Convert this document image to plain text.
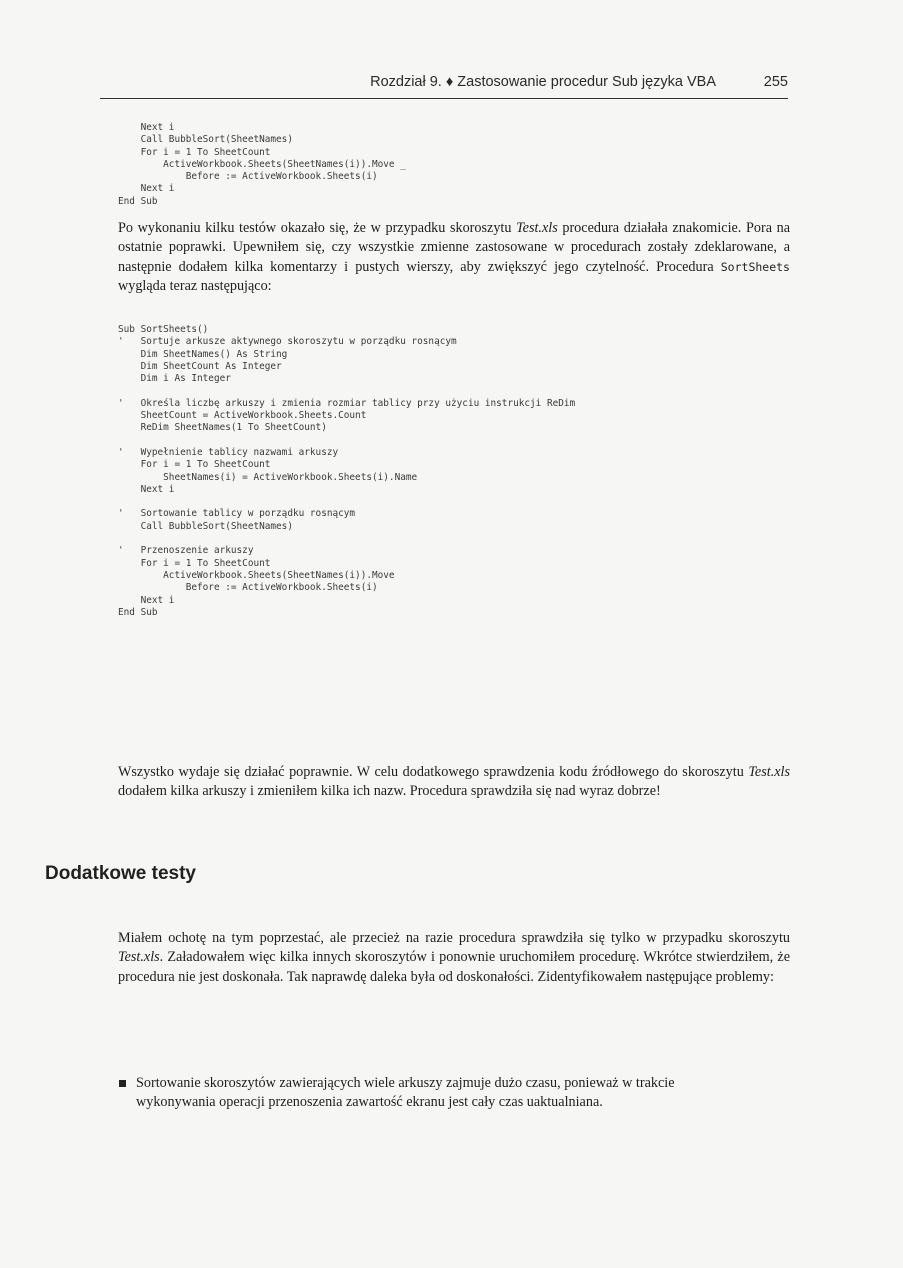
Rozdział 9. ♦ Zastosowanie procedur Sub języka VBA	255
Next i
Call BubbleSort(SheetNames)
For i = 1 To SheetCount
ActiveWorkbook.Sheets(SheetNames(i)).Move _
Before := ActiveWorkbook.Sheets(i)
Next i
End Sub

Po wykonaniu kilku testów okazało się, że w przypadku skoroszytu Test.xls procedura działała znakomicie. Pora na ostatnie poprawki. Upewniłem się, czy wszystkie zmienne zastosowane w procedurach zostały zdeklarowane, a następnie dodałem kilka komentarzy i pustych wierszy, aby zwiększyć jego czytelność. Procedura SortSheets wygląda teraz następująco:

Sub SortSheets()
'   Sortuje arkusze aktywnego skoroszytu w porządku rosnącym
Dim SheetNames() As String
Dim SheetCount As Integer
Dim i As Integer

'   Określa liczbę arkuszy i zmienia rozmiar tablicy przy użyciu instrukcji ReDim
SheetCount = ActiveWorkbook.Sheets.Count
ReDim SheetNames(1 To SheetCount)

'   Wypełnienie tablicy nazwami arkuszy
For i = 1 To SheetCount
SheetNames(i) = ActiveWorkbook.Sheets(i).Name
Next i

'   Sortowanie tablicy w porządku rosnącym
Call BubbleSort(SheetNames)

'   Przenoszenie arkuszy
For i = 1 To SheetCount
ActiveWorkbook.Sheets(SheetNames(i)).Move
Before := ActiveWorkbook.Sheets(i)
Next i
End Sub

Wszystko wydaje się działać poprawnie. W celu dodatkowego sprawdzenia kodu źródłowego do skoroszytu Test.xls dodałem kilka arkuszy i zmieniłem kilka ich nazw. Procedura sprawdziła się nad wyraz dobrze!

Dodatkowe testy

Miałem ochotę na tym poprzestać, ale przecież na razie procedura sprawdziła się tylko w przypadku skoroszytu Test.xls. Załadowałem więc kilka innych skoroszytów i ponownie uruchomiłem procedurę. Wkrótce stwierdziłem, że procedura nie jest doskonała. Tak naprawdę daleka była od doskonałości. Zidentyfikowałem następujące problemy:

Sortowanie skoroszytów zawierających wiele arkuszy zajmuje dużo czasu, ponieważ w trakcie wykonywania operacji przenoszenia zawartość ekranu jest cały czas uaktualniana.
